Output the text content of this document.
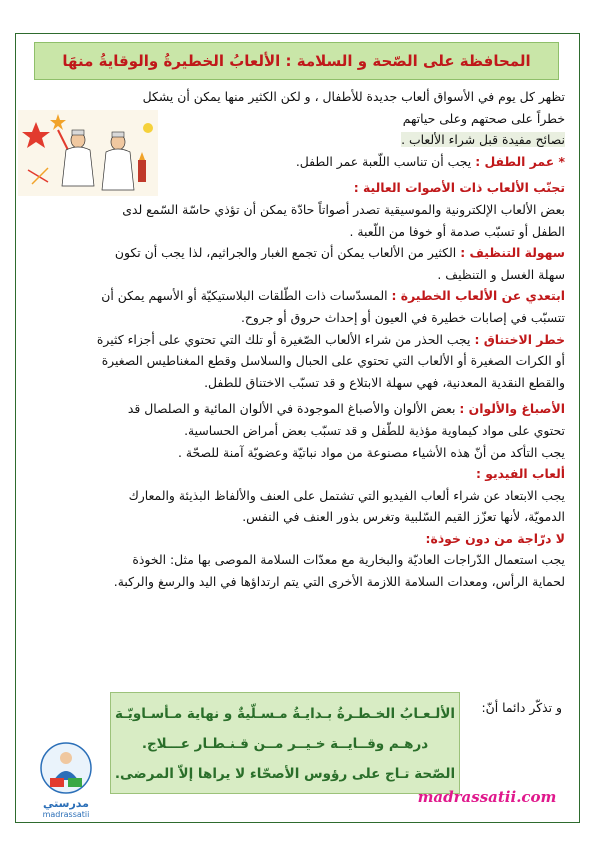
المحافظة على الصّحة و السلامة : الألعابُ الخطيرةُ والوقايةُ منهَا

تظهر كل يوم في الأسواق ألعاب جديدة للأطفال ، و لكن الكثير منها يمكن أن يشكل

خطراً على صحتهم وعلى حياتهم

نصائح مفيدة قبل شراء الألعاب .

* عمر الطفل : يجب أن تناسب اللّعبة عمر الطفل.

تجنّب الألعاب ذات الأصوات العالية :

بعض الألعاب الإلكترونية والموسيقية تصدر أصواتاً حادّة يمكن أن تؤذي حاسّة السّمع لدى

الطفل أو تسبّب صدمة أو خوفا من اللّعبة .

سهولة التنظيف : الكثير من الألعاب يمكن أن تجمع الغبار والجراثيم، لذا يجب أن تكون

سهلة الغسل و التنظيف .

ابتعدي عن الألعاب الخطيرة : المسدّسات ذات الطّلقات البلاستيكيّة أو الأسهم يمكن أن

تتسبّب في إصابات خطيرة في العيون أو إحداث حروق أو جروح.

خطر الاختناق : يجب الحذر من شراء الألعاب الصّغيرة أو تلك التي تحتوي على أجزاء كثيرة

أو الكرات الصغيرة أو الألعاب التي تحتوي على الحبال والسلاسل وقطع المغناطيس الصغيرة

والقطع النقدية المعدنية، فهي سهلة الابتلاع و قد تسبّب الاختناق للطفل.

الأصباغ والألوان : بعض الألوان والأصباغ الموجودة في الألوان المائية و الصلصال قد

تحتوي على مواد كيماوية مؤذية للطّفل و قد تسبّب بعض أمراض الحساسية.

يجب التأكد من أنّ هذه الأشياء مصنوعة من مواد نباتيّة وعضويّة آمنة للصحّة .

ألعاب الفيديو :

يجب الابتعاد عن شراء ألعاب الفيديو التي تشتمل على العنف والألفاظ البذيئة والمعارك

الدمويّة، لأنها تعزّز القيم السّلبية وتغرس بذور العنف في النفس.

لا درّاجة من دون خوذة:

يجب استعمال الدّراجات العاديّة والبخارية مع معدّات السلامة الموصى بها مثل: الخوذة

لحماية الرأس، ومعدات السلامة اللازمة الأخرى التي يتم ارتداؤها في اليد والرسغ والركبة.

و تذكّر دائما أنّ:
الألـعـابُ الخـطـرةُ بـدايـةُ مـسـلّيةٌ و نهاية مـأسـاويّـة
درهـم وقــايــة خـيــر مــن قـنـطـار عـــلاج.
الصّحة تـاج على رؤوس الأصحّاء لا يراها إلاّ المرضى.
مدرستي
madrassatii
madrassatii.com
